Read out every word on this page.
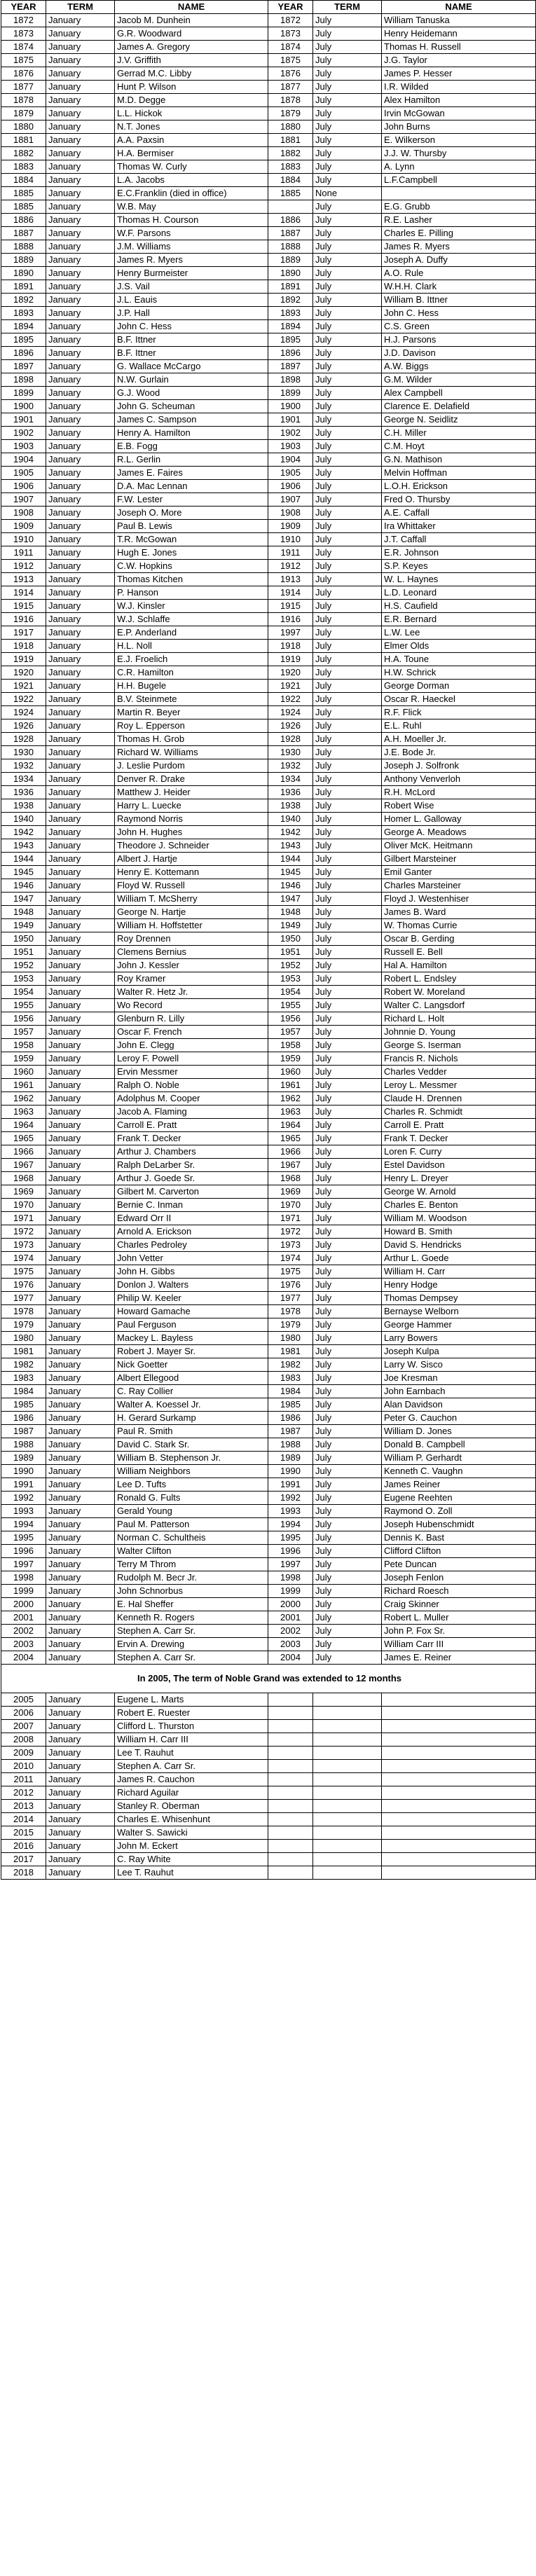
YEAR	TERM	NAME	YEAR	TERM	NAME
1872	January	Jacob M. Dunhein	1872	July	William Tanuska
1873	January	G.R. Woodward	1873	July	Henry Heidemann
1874	January	James A. Gregory	1874	July	Thomas H. Russell
1875	January	J.V. Griffith	1875	July	J.G. Taylor
1876	January	Gerrad M.C. Libby	1876	July	James P. Hesser
1877	January	Hunt P. Wilson	1877	July	I.R. Wilded
1878	January	M.D. Degge	1878	July	Alex Hamilton
1879	January	L.L. Hickok	1879	July	Irvin McGowan
1880	January	N.T. Jones	1880	July	John Burns
1881	January	A.A. Paxsin	1881	July	E. Wilkerson
1882	January	H.A. Bermiser	1882	July	J.J. W. Thursby
1883	January	Thomas W. Curly	1883	July	A. Lynn
1884	January	L.A. Jacobs	1884	July	L.F.Campbell
1885	January	E.C.Franklin (died in office)	1885	None	
1885	January	W.B. May		July	E.G. Grubb
1886	January	Thomas H. Courson	1886	July	R.E. Lasher
1887	January	W.F. Parsons	1887	July	Charles E. Pilling
1888	January	J.M. Williams	1888	July	James R. Myers
1889	January	James R. Myers	1889	July	Joseph A. Duffy
1890	January	Henry Burmeister	1890	July	A.O. Rule
1891	January	J.S. Vail	1891	July	W.H.H. Clark
1892	January	J.L. Eauis	1892	July	William B. Ittner
1893	January	J.P. Hall	1893	July	John C. Hess
1894	January	John C. Hess	1894	July	C.S. Green
1895	January	B.F. Ittner	1895	July	H.J. Parsons
1896	January	B.F. Ittner	1896	July	J.D. Davison
1897	January	G. Wallace McCargo	1897	July	A.W. Biggs
1898	January	N.W. Gurlain	1898	July	G.M. Wilder
1899	January	G.J. Wood	1899	July	Alex Campbell
1900	January	John G. Scheuman	1900	July	Clarence E. Delafield
1901	January	James C. Sampson	1901	July	George N. Seidlitz
1902	January	Henry A. Hamilton	1902	July	C.H. Miller
1903	January	E.B. Fogg	1903	July	C.M. Hoyt
1904	January	R.L. Gerlin	1904	July	G.N. Mathison
1905	January	James E. Faires	1905	July	Melvin Hoffman
1906	January	D.A. Mac Lennan	1906	July	L.O.H. Erickson
1907	January	F.W. Lester	1907	July	Fred O. Thursby
1908	January	Joseph O. More	1908	July	A.E. Caffall
1909	January	Paul B. Lewis	1909	July	Ira Whittaker
1910	January	T.R. McGowan	1910	July	J.T. Caffall
1911	January	Hugh E. Jones	1911	July	E.R. Johnson
1912	January	C.W. Hopkins	1912	July	S.P. Keyes
1913	January	Thomas Kitchen	1913	July	W. L. Haynes
1914	January	P. Hanson	1914	July	L.D. Leonard
1915	January	W.J. Kinsler	1915	July	H.S. Caufield
1916	January	W.J. Schlaffe	1916	July	E.R. Bernard
1917	January	E.P. Anderland	1997	July	L.W. Lee
1918	January	H.L. Noll	1918	July	Elmer Olds
1919	January	E.J. Froelich	1919	July	H.A. Toune
1920	January	C.R. Hamilton	1920	July	H.W. Schrick
1921	January	H.H. Bugele	1921	July	George Dorman
1922	January	B.V. Steinmete	1922	July	Oscar R. Haeckel
1924	January	Martin R. Beyer	1924	July	R.F. Flick
1926	January	Roy L. Epperson	1926	July	E.L. Ruhl
1928	January	Thomas H. Grob	1928	July	A.H. Moeller Jr.
1930	January	Richard W. Williams	1930	July	J.E. Bode Jr.
1932	January	J. Leslie Purdom	1932	July	Joseph J. Solfronk
1934	January	Denver R. Drake	1934	July	Anthony Venverloh
1936	January	Matthew J. Heider	1936	July	R.H. McLord
1938	January	Harry L. Luecke	1938	July	Robert Wise
1940	January	Raymond Norris	1940	July	Homer L. Galloway
1942	January	John H. Hughes	1942	July	George A. Meadows
1943	January	Theodore J. Schneider	1943	July	Oliver McK. Heitmann
1944	January	Albert J. Hartje	1944	July	Gilbert Marsteiner
1945	January	Henry E. Kottemann	1945	July	Emil Ganter
1946	January	Floyd W. Russell	1946	July	Charles Marsteiner
1947	January	William T. McSherry	1947	July	Floyd J. Westenhiser
1948	January	George N. Hartje	1948	July	James B. Ward
1949	January	William H. Hoffstetter	1949	July	W. Thomas Currie
1950	January	Roy Drennen	1950	July	Oscar B. Gerding
1951	January	Clemens Bernius	1951	July	Russell E. Bell
1952	January	John J. Kessler	1952	July	Hal A. Hamilton
1953	January	Roy Kramer	1953	July	Robert L. Endsley
1954	January	Walter R. Hetz Jr.	1954	July	Robert W. Moreland
1955	January	Wo Record	1955	July	Walter C. Langsdorf
1956	January	Glenburn R. Lilly	1956	July	Richard L. Holt
1957	January	Oscar F. French	1957	July	Johnnie D. Young
1958	January	John E. Clegg	1958	July	George S. Iserman
1959	January	Leroy F. Powell	1959	July	Francis R. Nichols
1960	January	Ervin Messmer	1960	July	Charles Vedder
1961	January	Ralph O. Noble	1961	July	Leroy L. Messmer
1962	January	Adolphus M. Cooper	1962	July	Claude H. Drennen
1963	January	Jacob A. Flaming	1963	July	Charles R. Schmidt
1964	January	Carroll E. Pratt	1964	July	Carroll E. Pratt
1965	January	Frank T. Decker	1965	July	Frank T. Decker
1966	January	Arthur J. Chambers	1966	July	Loren F. Curry
1967	January	Ralph DeLarber Sr.	1967	July	Estel Davidson
1968	January	Arthur J. Goede Sr.	1968	July	Henry L. Dreyer
1969	January	Gilbert M. Carverton	1969	July	George W. Arnold
1970	January	Bernie C. Inman	1970	July	Charles E. Benton
1971	January	Edward Orr II	1971	July	William M. Woodson
1972	January	Arnold A. Erickson	1972	July	Howard B. Smith
1973	January	Charles Pedroley	1973	July	David S. Hendricks
1974	January	John Vetter	1974	July	Arthur L. Goede
1975	January	John H. Gibbs	1975	July	William H. Carr
1976	January	Donlon J. Walters	1976	July	Henry Hodge
1977	January	Philip W. Keeler	1977	July	Thomas Dempsey
1978	January	Howard Gamache	1978	July	Bernayse Welborn
1979	January	Paul Ferguson	1979	July	George Hammer
1980	January	Mackey L. Bayless	1980	July	Larry Bowers
1981	January	Robert J. Mayer Sr.	1981	July	Joseph Kulpa
1982	January	Nick Goetter	1982	July	Larry W. Sisco
1983	January	Albert Ellegood	1983	July	Joe Kresman
1984	January	C. Ray Collier	1984	July	John Earnbach
1985	January	Walter A. Koessel Jr.	1985	July	Alan Davidson
1986	January	H. Gerard Surkamp	1986	July	Peter G. Cauchon
1987	January	Paul R. Smith	1987	July	William D. Jones
1988	January	David C. Stark Sr.	1988	July	Donald B. Campbell
1989	January	William B. Stephenson Jr.	1989	July	William P. Gerhardt
1990	January	William Neighbors	1990	July	Kenneth C. Vaughn
1991	January	Lee D. Tufts	1991	July	James Reiner
1992	January	Ronald G. Fults	1992	July	Eugene Reehten
1993	January	Gerald Young	1993	July	Raymond O. Zoll
1994	January	Paul M. Patterson	1994	July	Joseph Hubenschmidt
1995	January	Norman C. Schultheis	1995	July	Dennis K. Bast
1996	January	Walter Clifton	1996	July	Clifford Clifton
1997	January	Terry M Throm	1997	July	Pete Duncan
1998	January	Rudolph M. Becr Jr.	1998	July	Joseph Fenlon
1999	January	John Schnorbus	1999	July	Richard Roesch
2000	January	E. Hal Sheffer	2000	July	Craig Skinner
2001	January	Kenneth R. Rogers	2001	July	Robert L. Muller
2002	January	Stephen A. Carr Sr.	2002	July	John P. Fox Sr.
2003	January	Ervin A. Drewing	2003	July	William Carr III
2004	January	Stephen A. Carr Sr.	2004	July	James E. Reiner
In 2005, The term of Noble Grand was extended to 12 months					
2005	January	Eugene L. Marts			
2006	January	Robert E. Ruester			
2007	January	Clifford L. Thurston			
2008	January	William H. Carr III			
2009	January	Lee T. Rauhut			
2010	January	Stephen A. Carr Sr.			
2011	January	James R. Cauchon			
2012	January	Richard Aguilar			
2013	January	Stanley R. Oberman			
2014	January	Charles E. Whisenhunt			
2015	January	Walter S. Sawicki			
2016	January	John M. Eckert			
2017	January	C. Ray White			
2018	January	Lee T. Rauhut			
